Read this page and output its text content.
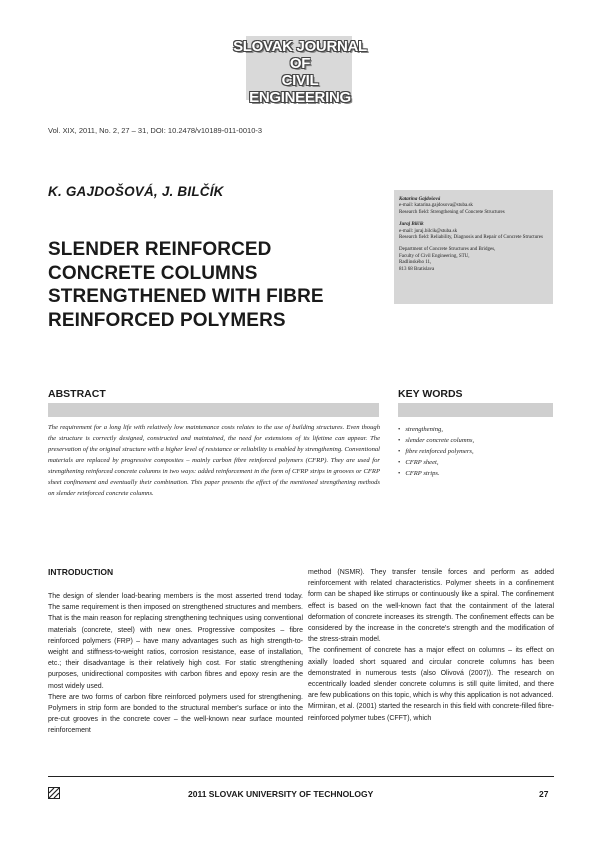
SLOVAK JOURNAL
OF
CIVIL ENGINEERING
Vol. XIX, 2011, No. 2, 27 – 31, DOI: 10.2478/v10189-011-0010-3
K. GAJDOŠOVÁ, J. BILČÍK
SLENDER REINFORCED
CONCRETE COLUMNS
STRENGTHENED WITH FIBRE
REINFORCED POLYMERS
Katarína Gajdošová
e-mail: katarina.gajdosova@stuba.sk
Research field: Strengthening of Concrete Structures
Juraj Bilčík
e-mail: juraj.bilcik@stuba.sk
Research field: Reliability, Diagnosis and Repair of Concrete Structures
Department of Concrete Structures and Bridges,
Faculty of Civil Engineering, STU,
Radlinského 11,
813 68 Bratislava
ABSTRACT	KEY WORDS
The requirement for a long life with relatively low maintenance costs relates to the use of building structures. Even though the structure is correctly designed, constructed and maintained, the need for extensions of its lifetime can appear. The preservation of the original structure with a higher level of resistance or reliability is enabled by strengthening. Conventional materials are replaced by progressive composites – mainly carbon fibre reinforced polymers (CFRP). They are used for strengthening reinforced concrete columns in two ways: added reinforcement in the form of CFRP strips in grooves or CFRP sheet confinement and eventually their combination. This paper presents the effect of the mentioned strengthening methods on slender reinforced concrete columns.
• strengthening,
• slender concrete columns,
• fibre reinforced polymers,
• CFRP sheet,
• CFRP strips.
INTRODUCTION

The design of slender load-bearing members is the most asserted trend today. The same requirement is then imposed on strengthened structures and members. That is the main reason for replacing strengthening techniques using conventional materials (concrete, steel) with new ones. Progressive composites – fibre reinforced polymers (FRP) – have many advantages such as high strength-to-weight and stiffness-to-weight ratios, corrosion resistance, ease of installation, etc.; their disadvantage is their relatively high cost. For static strengthening purposes, unidirectional composites with carbon fibres and epoxy resin are the most widely used.

There are two forms of carbon fibre reinforced polymers used for strengthening. Polymers in strip form are bonded to the structural member's surface or into the pre-cut grooves in the concrete cover – the well-known near surface mounted reinforcement

method (NSMR). They transfer tensile forces and perform as added reinforcement with related characteristics. Polymer sheets in a confinement form can be shaped like stirrups or continuously like a spiral. The confinement effect is based on the well-known fact that the containment of the lateral deformation of concrete increases its strength. The confinement effects can be considered by the increase in the concrete's strength and the modification of the stress-strain model.

The confinement of concrete has a major effect on columns – its effect on axially loaded short squared and circular concrete columns has been demonstrated in numerous tests (also Olivová (2007)). The research on eccentrically loaded slender concrete columns is still quite limited, and there are few publications on this topic, which is why this application is not advanced.

Mirmiran, et al. (2001) started the research in this field with concrete-filled fibre-reinforced polymer tubes (CFFT), which

2011 SLOVAK UNIVERSITY OF TECHNOLOGY	27
